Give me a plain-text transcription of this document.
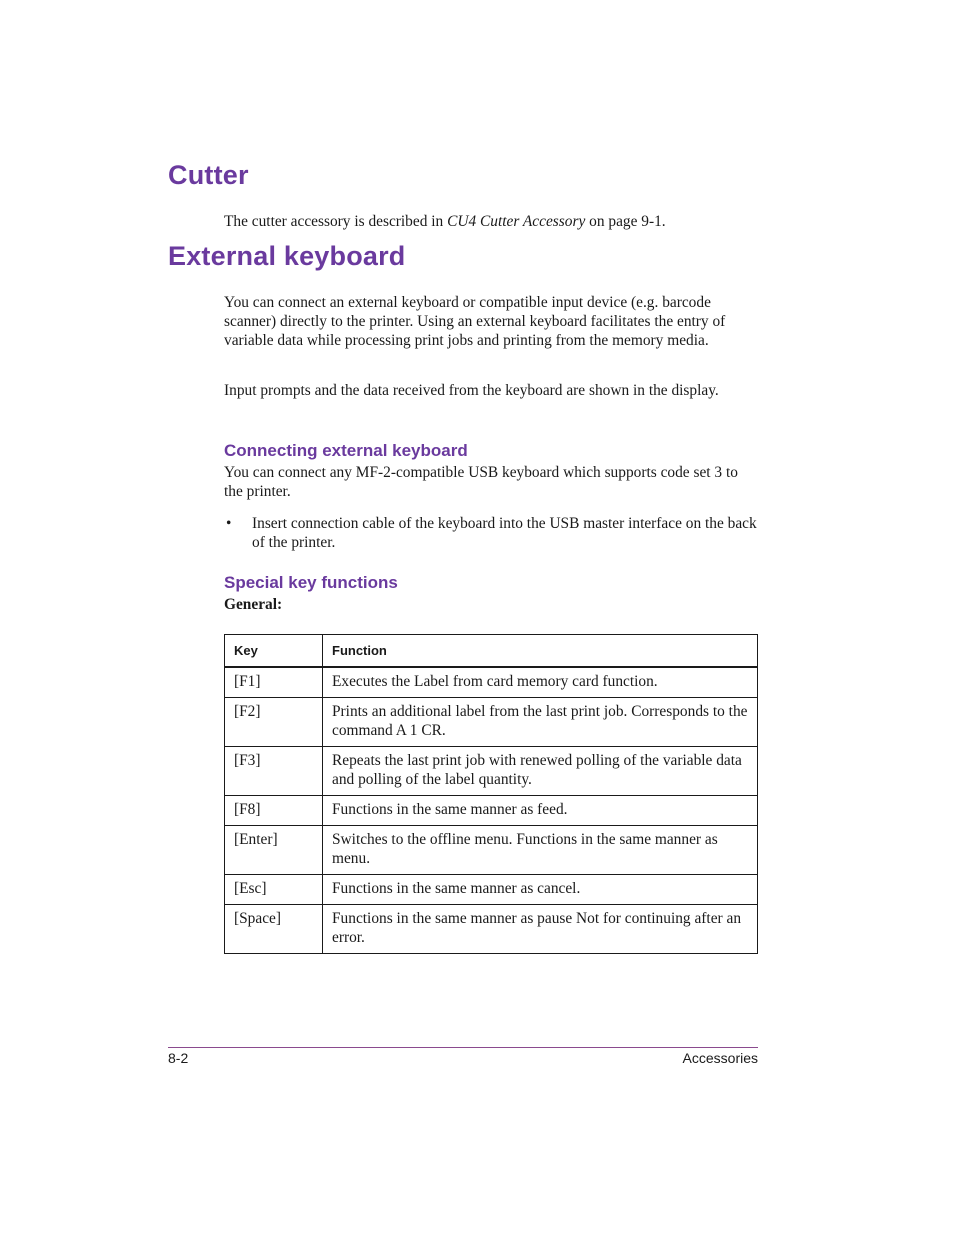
Cutter

The cutter accessory is described in CU4 Cutter Accessory on page 9-1.

External keyboard

You can connect an external keyboard or compatible input device (e.g. barcode scanner) directly to the printer. Using an external keyboard facilitates the entry of variable data while processing print jobs and printing from the memory media.

Input prompts and the data received from the keyboard are shown in the display.

Connecting external keyboard

You can connect any MF-2-compatible USB keyboard which supports code set 3 to the printer.

• Insert connection cable of the keyboard into the USB master interface on the back of the printer.
Special key functions

General:

Key	Function
[F1]	Executes the Label from card memory card function.
[F2]	Prints an additional label from the last print job. Corresponds to the command A 1 CR.
[F3]	Repeats the last print job with renewed polling of the variable data and polling of the label quantity.
[F8]	Functions in the same manner as feed.
[Enter]	Switches to the offline menu. Functions in the same manner as menu.
[Esc]	Functions in the same manner as cancel.
[Space]	Functions in the same manner as pause Not for continuing after an error.

8-2	Accessories
